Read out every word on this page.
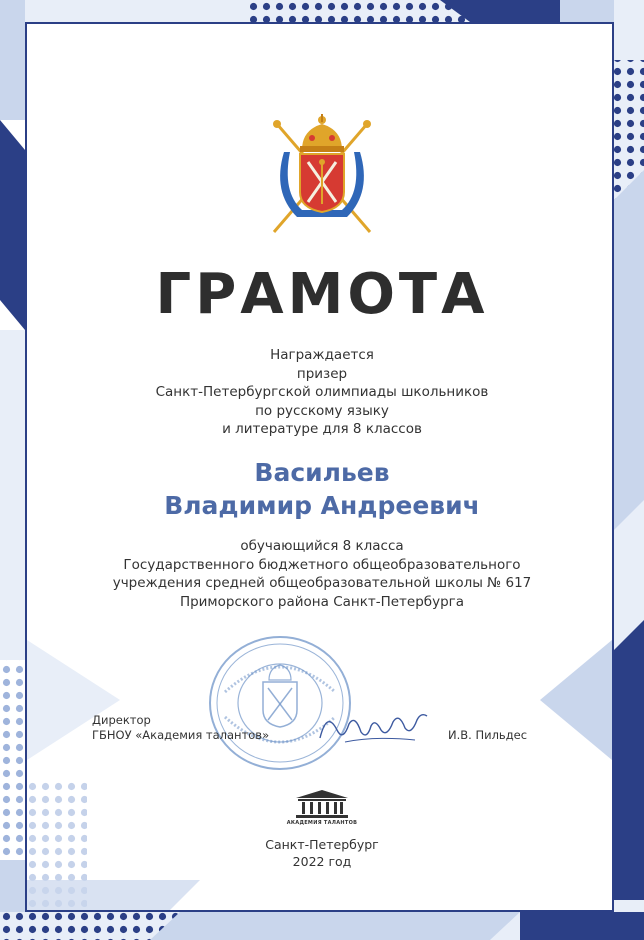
ГРАМОТА
Награждается
призер
Санкт-Петербургской олимпиады школьников
по русскому языку
и литературе для 8 классов
Васильев
Владимир Андреевич
обучающийся 8 класса
Государственного бюджетного общеобразовательного
учреждения средней общеобразовательной школы № 617
Приморского района Санкт-Петербурга
Директор
ГБНОУ «Академия талантов»	И.В. Пильдес
АКАДЕМИЯ ТАЛАНТОВ
Санкт-Петербург
2022 год
